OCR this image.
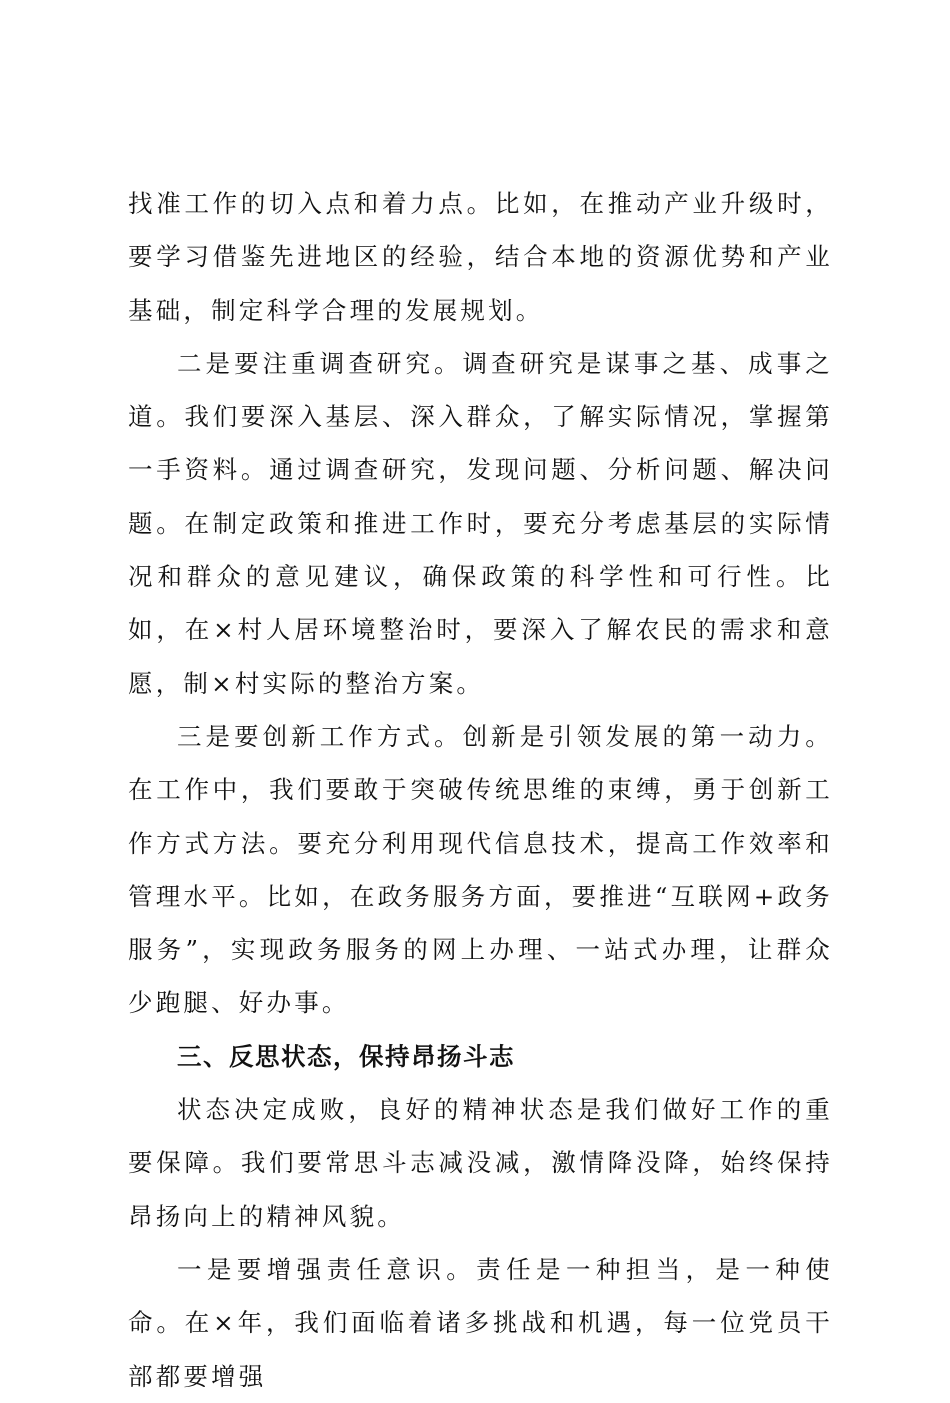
找准工作的切入点和着力点。比如，在推动产业升级时，要学习借鉴先进地区的经验，结合本地的资源优势和产业基础，制定科学合理的发展规划。

二是要注重调查研究。调查研究是谋事之基、成事之道。我们要深入基层、深入群众，了解实际情况，掌握第一手资料。通过调查研究，发现问题、分析问题、解决问题。在制定政策和推进工作时，要充分考虑基层的实际情况和群众的意见建议，确保政策的科学性和可行性。比如，在×村人居环境整治时，要深入了解农民的需求和意愿，制×村实际的整治方案。

三是要创新工作方式。创新是引领发展的第一动力。在工作中，我们要敢于突破传统思维的束缚，勇于创新工作方式方法。要充分利用现代信息技术，提高工作效率和管理水平。比如，在政务服务方面，要推进“互联网+政务服务”，实现政务服务的网上办理、一站式办理，让群众少跑腿、好办事。

三、反思状态，保持昂扬斗志

状态决定成败，良好的精神状态是我们做好工作的重要保障。我们要常思斗志减没减，激情降没降，始终保持昂扬向上的精神风貌。

一是要增强责任意识。责任是一种担当，是一种使命。在×年，我们面临着诸多挑战和机遇，每一位党员干部都要增强
